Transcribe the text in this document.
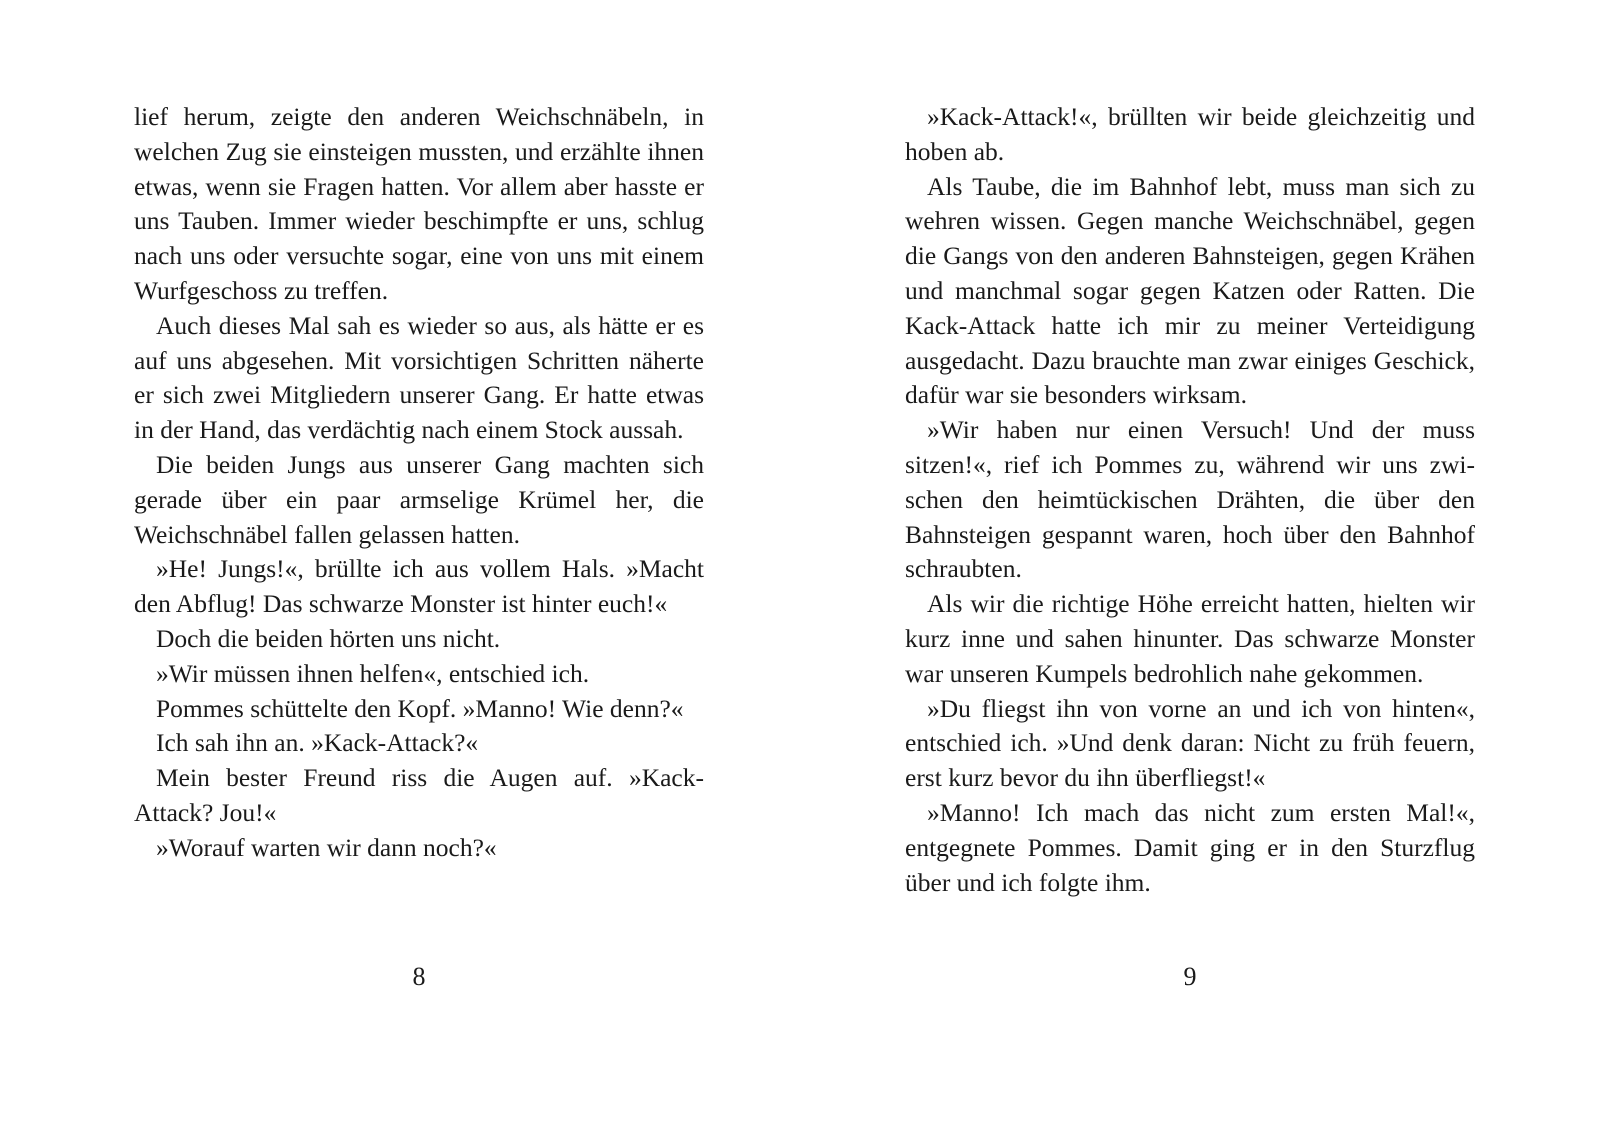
lief herum, zeigte den anderen Weichschnäbeln, in welchen Zug sie einsteigen mussten, und erzählte ihnen etwas, wenn sie Fragen hatten. Vor allem aber hasste er uns Tauben. Immer wieder beschimpfte er uns, schlug nach uns oder versuchte sogar, eine von uns mit einem Wurfgeschoss zu treffen.

Auch dieses Mal sah es wieder so aus, als hätte er es auf uns abgesehen. Mit vorsichtigen Schritten näherte er sich zwei Mitgliedern unserer Gang. Er hatte etwas in der Hand, das verdächtig nach einem Stock aussah.

Die beiden Jungs aus unserer Gang machten sich gerade über ein paar armselige Krümel her, die Weichschnäbel fallen gelassen hatten.

»He! Jungs!«, brüllte ich aus vollem Hals. »Macht den Abflug! Das schwarze Monster ist hinter euch!«

Doch die beiden hörten uns nicht.

»Wir müssen ihnen helfen«, entschied ich.

Pommes schüttelte den Kopf. »Manno! Wie denn?«

Ich sah ihn an. »Kack-Attack?«

Mein bester Freund riss die Augen auf. »Kack-Attack? Jou!«

»Worauf warten wir dann noch?«

8

»Kack-Attack!«, brüllten wir beide gleichzeitig und hoben ab.

Als Taube, die im Bahnhof lebt, muss man sich zu wehren wissen. Gegen manche Weichschnäbel, gegen die Gangs von den anderen Bahnsteigen, gegen Krähen und manchmal sogar gegen Katzen oder Ratten. Die Kack-Attack hatte ich mir zu meiner Verteidigung ausgedacht. Dazu brauchte man zwar einiges Geschick, dafür war sie besonders wirksam.

»Wir haben nur einen Versuch! Und der muss sitzen!«, rief ich Pommes zu, während wir uns zwischen den heimtückischen Drähten, die über den Bahnsteigen gespannt waren, hoch über den Bahnhof schraubten.

Als wir die richtige Höhe erreicht hatten, hielten wir kurz inne und sahen hinunter. Das schwarze Monster war unseren Kumpels bedrohlich nahe gekommen.

»Du fliegst ihn von vorne an und ich von hinten«, entschied ich. »Und denk daran: Nicht zu früh feuern, erst kurz bevor du ihn überfliegst!«

»Manno! Ich mach das nicht zum ersten Mal!«, entgegnete Pommes. Damit ging er in den Sturzflug über und ich folgte ihm.

9
